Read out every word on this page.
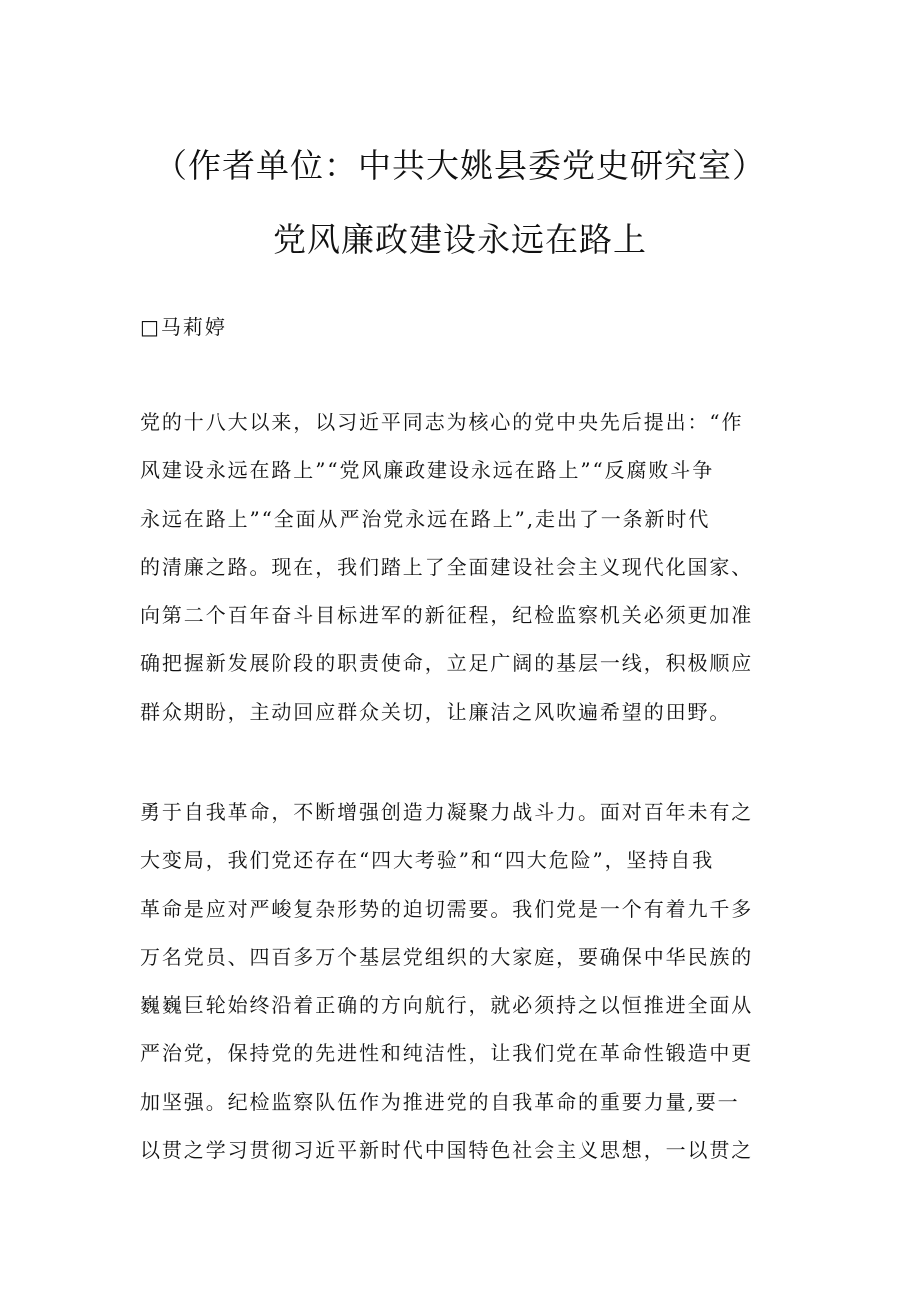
（作者单位：中共大姚县委党史研究室）
党风廉政建设永远在路上
□马莉婷
党的十八大以来，以习近平同志为核心的党中央先后提出：“作
风建设永远在路上”“党风廉政建设永远在路上”“反腐败斗争
永远在路上”“全面从严治党永远在路上”,走出了一条新时代
的清廉之路。现在，我们踏上了全面建设社会主义现代化国家、
向第二个百年奋斗目标进军的新征程，纪检监察机关必须更加准
确把握新发展阶段的职责使命，立足广阔的基层一线，积极顺应
群众期盼，主动回应群众关切，让廉洁之风吹遍希望的田野。
勇于自我革命，不断增强创造力凝聚力战斗力。面对百年未有之
大变局，我们党还存在“四大考验”和“四大危险”，坚持自我
革命是应对严峻复杂形势的迫切需要。我们党是一个有着九千多
万名党员、四百多万个基层党组织的大家庭，要确保中华民族的
巍巍巨轮始终沿着正确的方向航行，就必须持之以恒推进全面从
严治党，保持党的先进性和纯洁性，让我们党在革命性锻造中更
加坚强。纪检监察队伍作为推进党的自我革命的重要力量,要一
以贯之学习贯彻习近平新时代中国特色社会主义思想，一以贯之
